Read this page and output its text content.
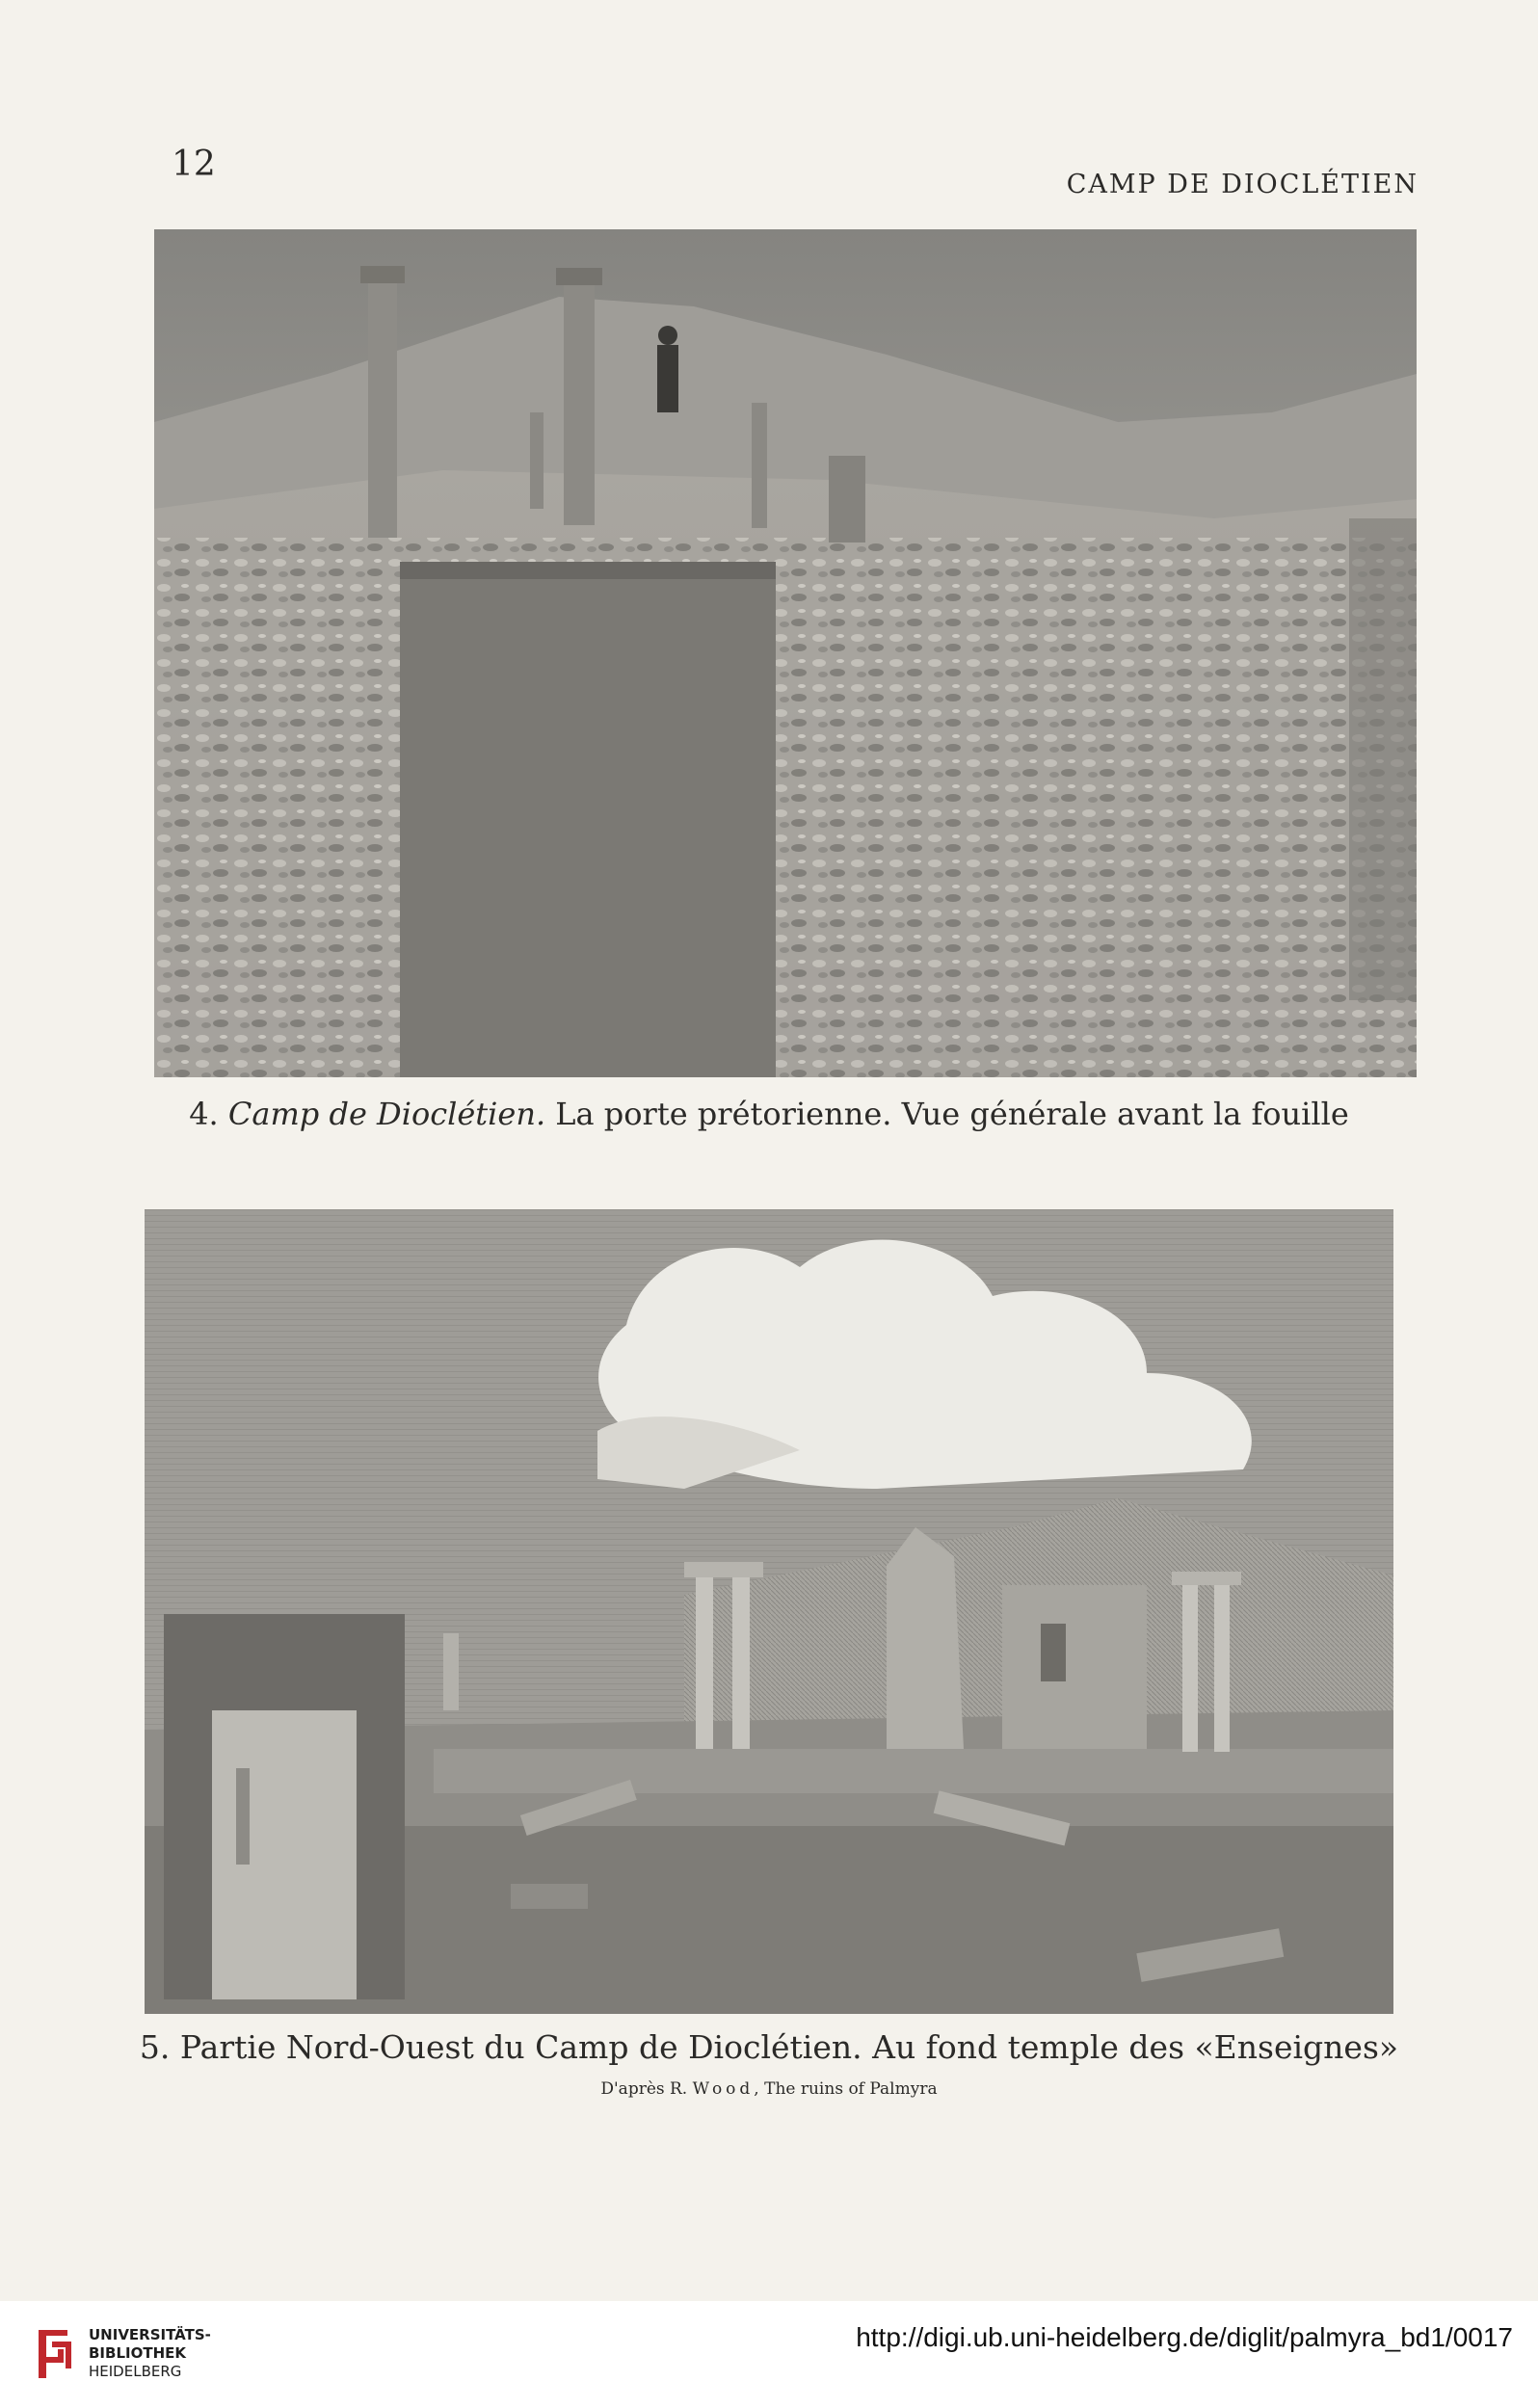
12
CAMP DE DIOCLÉTIEN
4. Camp de Dioclétien. La porte prétorienne. Vue générale avant la fouille
5. Partie Nord-Ouest du Camp de Dioclétien. Au fond temple des «Enseignes»
D'après R. Wood, The ruins of Palmyra
UNIVERSITÄTS-
BIBLIOTHEK
HEIDELBERG
http://digi.ub.uni-heidelberg.de/diglit/palmyra_bd1/0017
